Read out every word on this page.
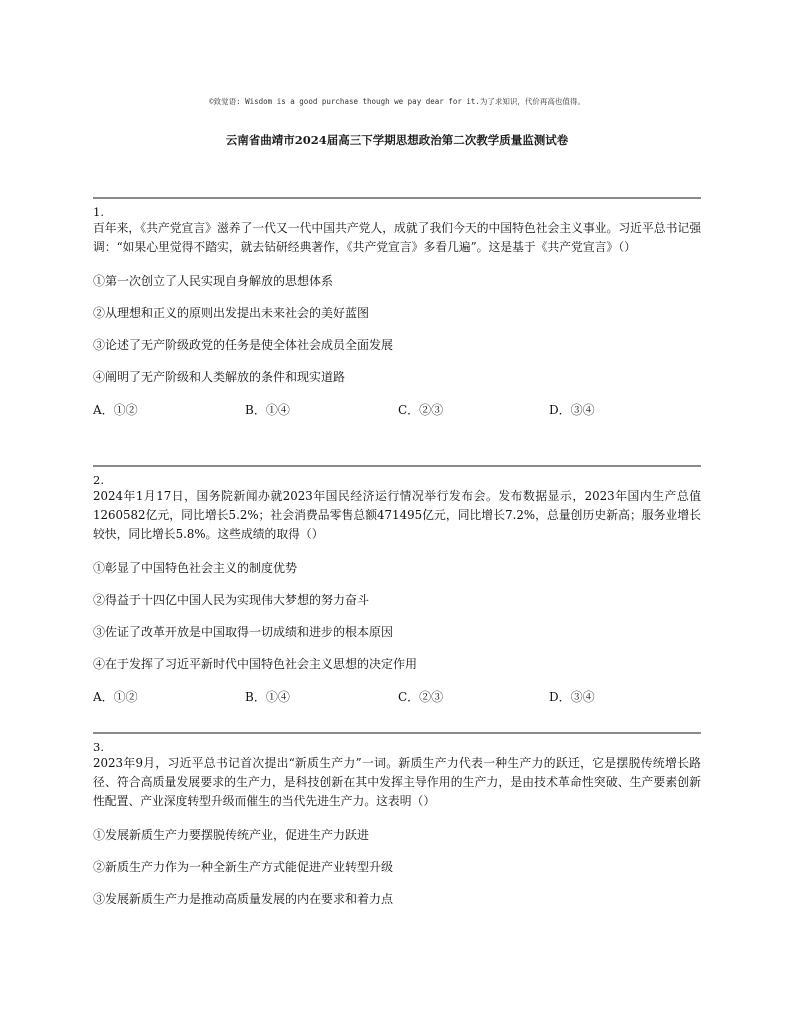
©致觉语: Wisdom is a good purchase though we pay dear for it.为了求知识，代价再高也值得。
云南省曲靖市2024届高三下学期思想政治第二次教学质量监测试卷
1.

百年来，《共产党宣言》滋养了一代又一代中国共产党人，成就了我们今天的中国特色社会主义事业。习近平总书记强调：“如果心里觉得不踏实，就去钻研经典著作，《共产党宣言》多看几遍”。这是基于《共产党宣言》（）

①第一次创立了人民实现自身解放的思想体系
②从理想和正义的原则出发提出未来社会的美好蓝图
③论述了无产阶级政党的任务是使全体社会成员全面发展
④阐明了无产阶级和人类解放的条件和现实道路
A．①②	B．①④	C．②③	D．③④
2.

2024年1月17日，国务院新闻办就2023年国民经济运行情况举行发布会。发布数据显示，2023年国内生产总值1260582亿元，同比增长5.2%；社会消费品零售总额471495亿元，同比增长7.2%，总量创历史新高；服务业增长较快，同比增长5.8%。这些成绩的取得（）

①彰显了中国特色社会主义的制度优势
②得益于十四亿中国人民为实现伟大梦想的努力奋斗
③佐证了改革开放是中国取得一切成绩和进步的根本原因
④在于发挥了习近平新时代中国特色社会主义思想的决定作用
A．①②	B．①④	C．②③	D．③④
3.

2023年9月，习近平总书记首次提出“新质生产力”一词。新质生产力代表一种生产力的跃迁，它是摆脱传统增长路径、符合高质量发展要求的生产力，是科技创新在其中发挥主导作用的生产力，是由技术革命性突破、生产要素创新性配置、产业深度转型升级而催生的当代先进生产力。这表明（）

①发展新质生产力要摆脱传统产业，促进生产力跃进
②新质生产力作为一种全新生产方式能促进产业转型升级
③发展新质生产力是推动高质量发展的内在要求和着力点
